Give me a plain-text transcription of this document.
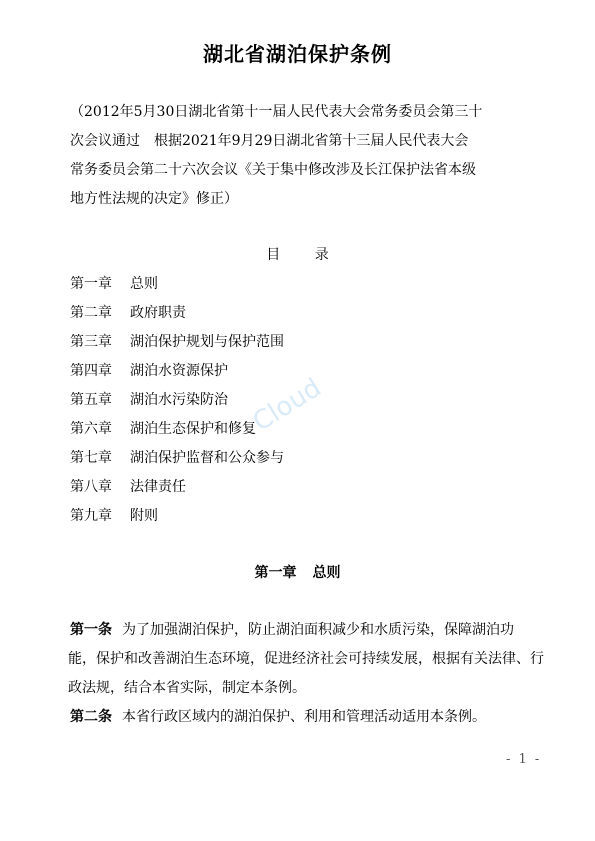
湖北省湖泊保护条例

（2012年5月30日湖北省第十一届人民代表大会常务委员会第三十

次会议通过　根据2021年9月29日湖北省第十三届人民代表大会

常务委员会第二十六次会议《关于集中修改涉及长江保护法省本级

地方性法规的决定》修正）

目 录
第一章 总则
第二章 政府职责
第三章 湖泊保护规划与保护范围
第四章 湖泊水资源保护
第五章 湖泊水污染防治
第六章 湖泊生态保护和修复
第七章 湖泊保护监督和公众参与
第八章 法律责任
第九章 附则
第一章 总则

第一条 为了加强湖泊保护，防止湖泊面积减少和水质污染，保障湖泊功

能，保护和改善湖泊生态环境，促进经济社会可持续发展，根据有关法律、行

政法规，结合本省实际，制定本条例。

第二条 本省行政区域内的湖泊保护、利用和管理活动适用本条例。

- 1 -
Cloud
